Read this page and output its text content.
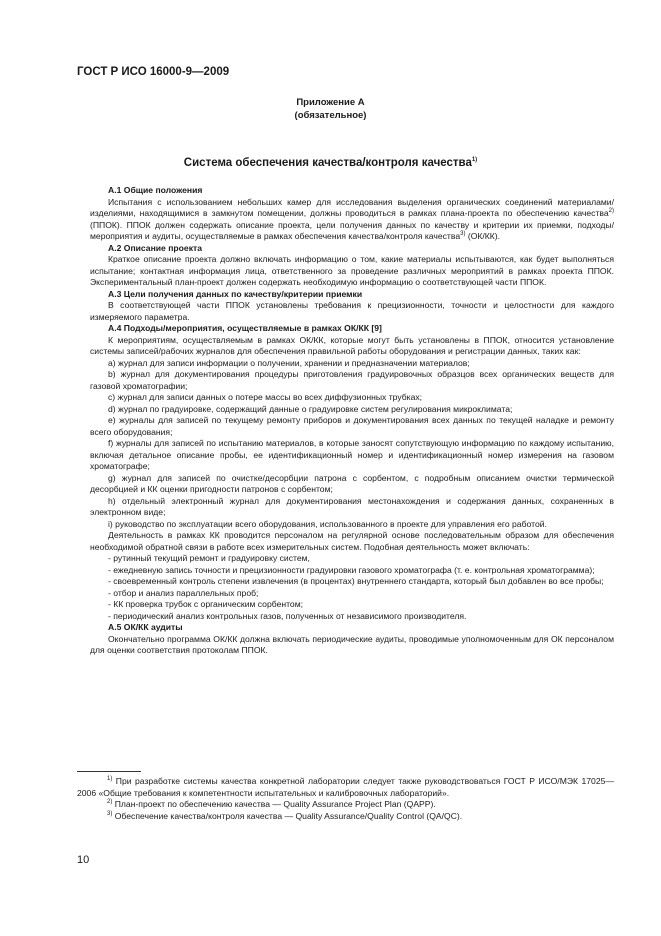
ГОСТ Р ИСО 16000-9—2009
Приложение А
(обязательное)
Система обеспечения качества/контроля качества$^{1)}$

А.1 Общие положения

Испытания с использованием небольших камер для исследования выделения органических соединений материалами/изделиями, находящимися в замкнутом помещении, должны проводиться в рамках плана-проекта по обеспечению качества$^{2)}$ (ППОК). ППОК должен содержать описание проекта, цели получения данных по качеству и критерии их приемки, подходы/мероприятия и аудиты, осуществляемые в рамках обеспечения качества/контроля качества$^{3)}$ (ОК/КК).

А.2 Описание проекта

Краткое описание проекта должно включать информацию о том, какие материалы испытываются, как будет выполняться испытание; контактная информация лица, ответственного за проведение различных мероприятий в рамках проекта ППОК. Экспериментальный план-проект должен содержать необходимую информацию о соответствующей части ППОК.

А.3 Цели получения данных по качеству/критерии приемки

В соответствующей части ППОК установлены требования к прецизионности, точности и целостности для каждого измеряемого параметра.

А.4 Подходы/мероприятия, осуществляемые в рамках ОК/КК [9]

К мероприятиям, осуществляемым в рамках ОК/КК, которые могут быть установлены в ППОК, относится установление системы записей/рабочих журналов для обеспечения правильной работы оборудования и регистрации данных, таких как:

а) журнал для записи информации о получении, хранении и предназначении материалов;

b) журнал для документирования процедуры приготовления градуировочных образцов всех органических веществ для газовой хроматографии;

с) журнал для записи данных о потере массы во всех диффузионных трубках;

d) журнал по градуировке, содержащий данные о градуировке систем регулирования микроклимата;

е) журналы для записей по текущему ремонту приборов и документирования всех данных по текущей наладке и ремонту всего оборудования;

f) журналы для записей по испытанию материалов, в которые заносят сопутствующую информацию по каждому испытанию, включая детальное описание пробы, ее идентификационный номер и идентификационный номер измерения на газовом хроматографе;

g) журнал для записей по очистке/десорбции патрона с сорбентом, с подробным описанием очистки термической десорбцией и КК оценки пригодности патронов с сорбентом;

h) отдельный электронный журнал для документирования местонахождения и содержания данных, сохраненных в электронном виде;

i) руководство по эксплуатации всего оборудования, использованного в проекте для управления его работой.

Деятельность в рамках КК проводится персоналом на регулярной основе последовательным образом для обеспечения необходимой обратной связи в работе всех измерительных систем. Подобная деятельность может включать:

- рутинный текущий ремонт и градуировку систем,

- ежедневную запись точности и прецизионности градуировки газового хроматографа (т. е. контрольная хроматограмма);

- своевременный контроль степени извлечения (в процентах) внутреннего стандарта, который был добавлен во все пробы;

- отбор и анализ параллельных проб;

- КК проверка трубок с органическим сорбентом;

- периодический анализ контрольных газов, полученных от независимого производителя.

А.5 ОК/КК аудиты

Окончательно программа ОК/КК должна включать периодические аудиты, проводимые уполномоченным для ОК персоналом для оценки соответствия протоколам ППОК.

$^{1)}$ При разработке системы качества конкретной лаборатории следует также руководствоваться ГОСТ Р ИСО/МЭК 17025—2006 «Общие требования к компетентности испытательных и калибровочных лабораторий».

$^{2)}$ План-проект по обеспечению качества — Quality Assurance Project Plan (QAPP).

$^{3)}$ Обеспечение качества/контроля качества — Quality Assurance/Quality Control (QA/QC).

10
